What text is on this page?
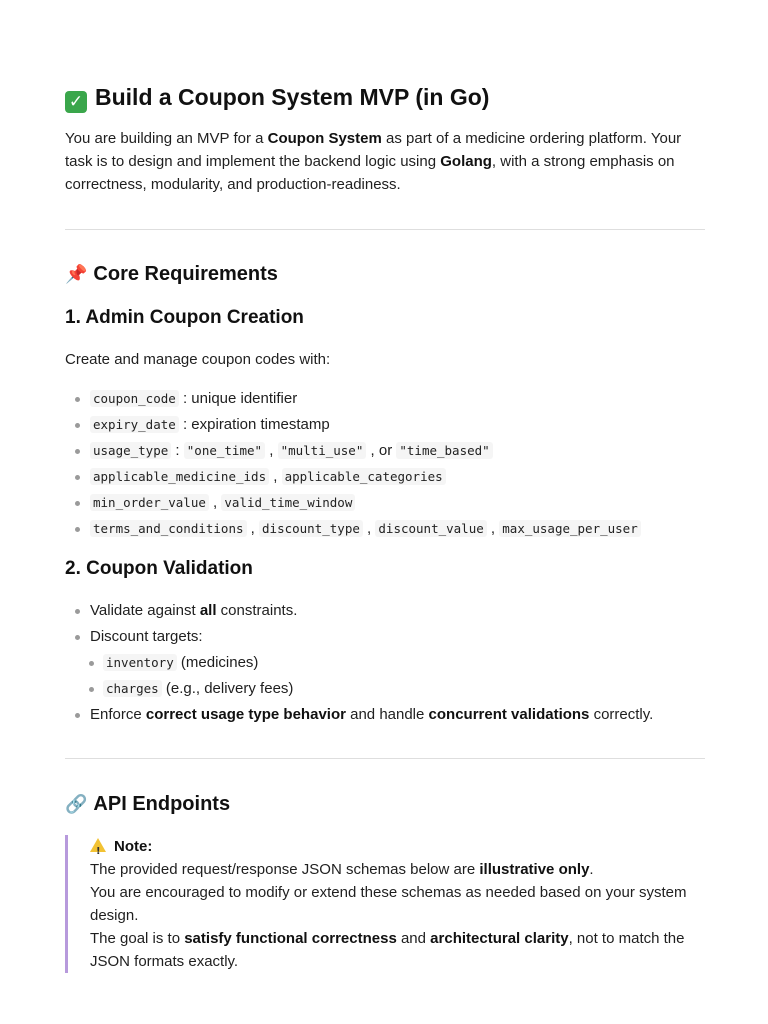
✓ Build a Coupon System MVP (in Go)

You are building an MVP for a Coupon System as part of a medicine ordering platform. Your task is to design and implement the backend logic using Golang, with a strong emphasis on correctness, modularity, and production-readiness.

📌 Core Requirements
1. Admin Coupon Creation

Create and manage coupon codes with:

coupon_code : unique identifier
expiry_date : expiration timestamp
usage_type : "one_time" , "multi_use" , or "time_based"
applicable_medicine_ids , applicable_categories
min_order_value , valid_time_window
terms_and_conditions , discount_type , discount_value , max_usage_per_user
2. Coupon Validation
Validate against all constraints.
Discount targets:
inventory (medicines)
charges (e.g., delivery fees)
Enforce correct usage type behavior and handle concurrent validations correctly.
🔗 API Endpoints

!Note:

The provided request/response JSON schemas below are illustrative only.

You are encouraged to modify or extend these schemas as needed based on your system design.

The goal is to satisfy functional correctness and architectural clarity, not to match the JSON formats exactly.
